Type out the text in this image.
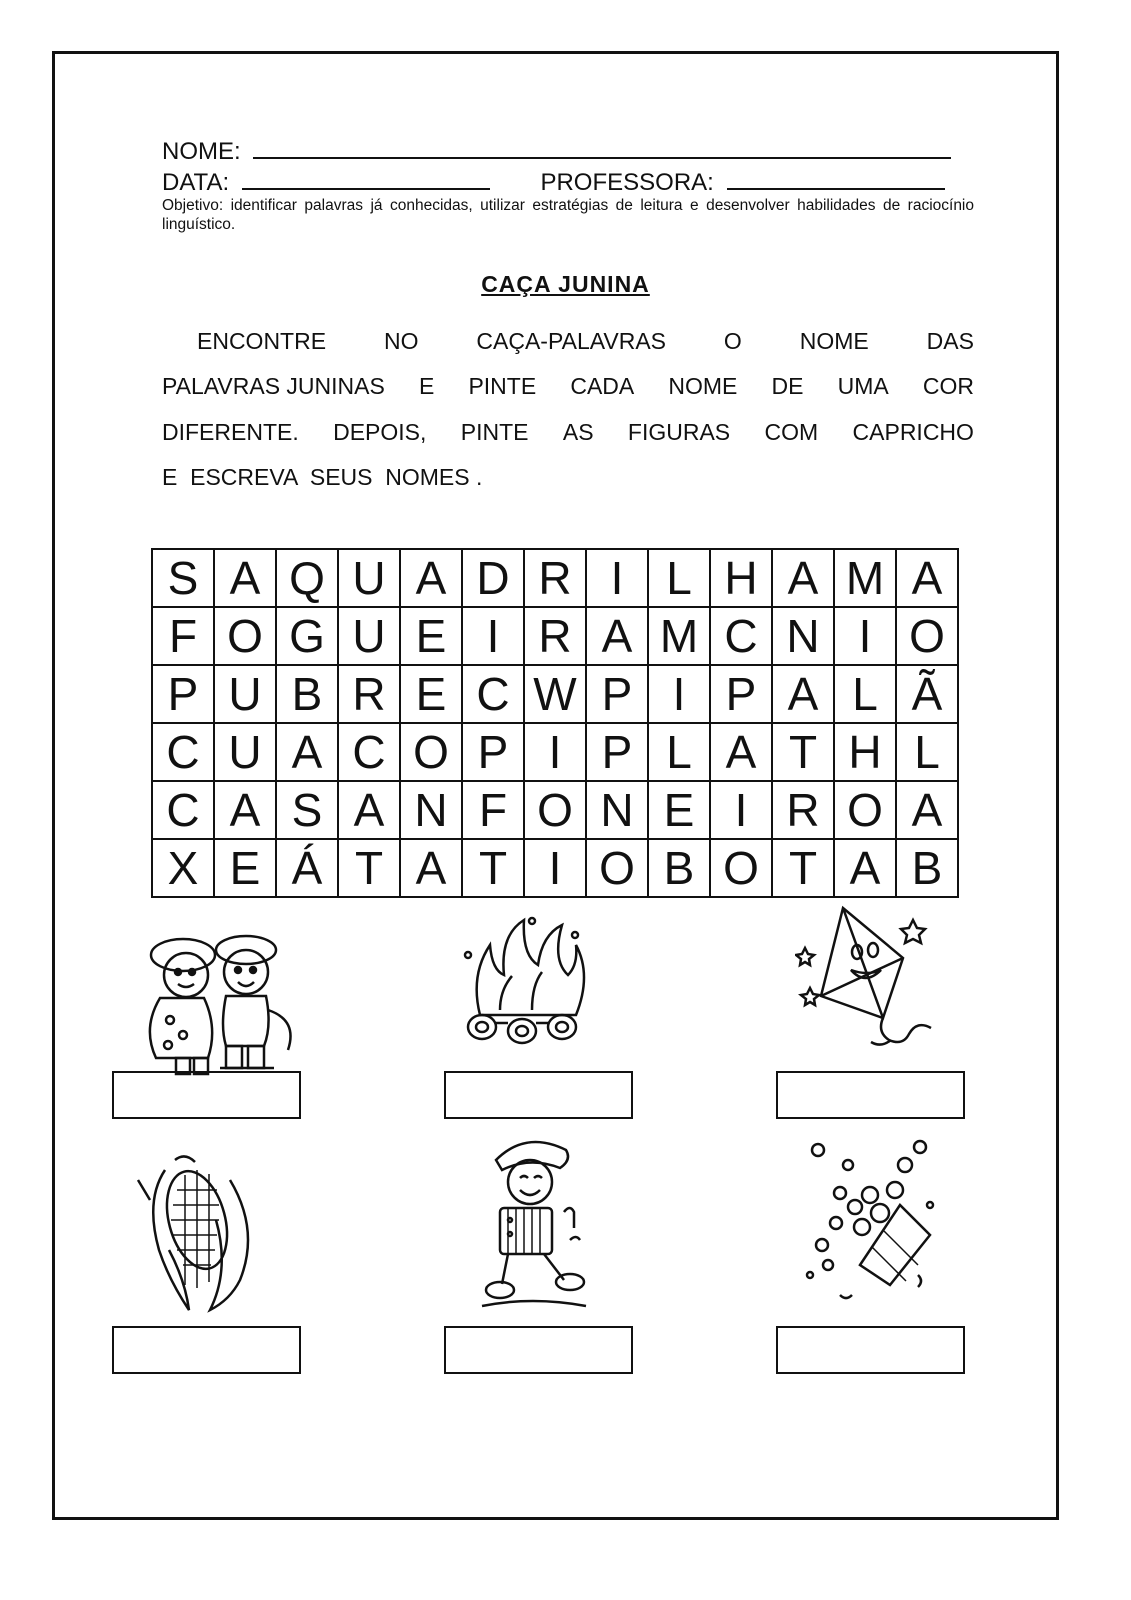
NOME:
DATA:	PROFESSORA:
Objetivo: identificar palavras já conhecidas, utilizar estratégias de leitura e desenvolver habilidades de raciocínio linguístico.
CAÇA JUNINA
ENCONTRE	NO	CAÇA-PALAVRAS	O	NOME	DAS
PALAVRAS JUNINAS E PINTE CADA NOME DE UMA COR
DIFERENTE. DEPOIS, PINTE AS FIGURAS COM CAPRICHO
E  ESCREVA  SEUS  NOMES .
S	A	Q	U	A	D	R	I	L	H	A	M	A
F	O	G	U	E	I	R	A	M	C	N	I	O
P	U	B	R	E	C	W	P	I	P	A	L	Ã
C	U	A	C	O	P	I	P	L	A	T	H	L
C	A	S	A	N	F	O	N	E	I	R	O	A
X	E	Á	T	A	T	I	O	B	O	T	A	B
